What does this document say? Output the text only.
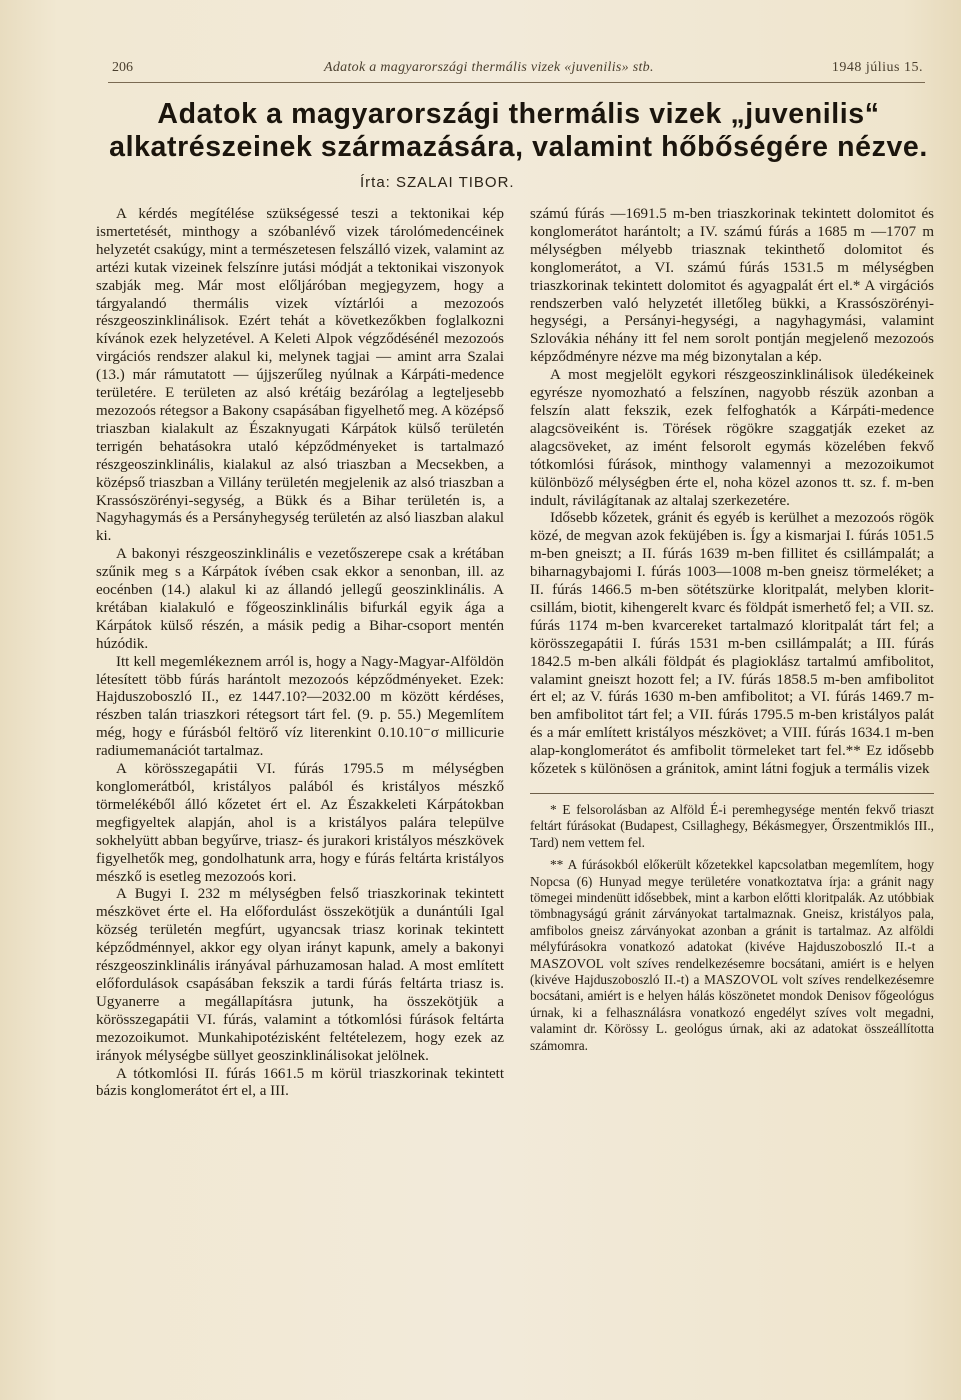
206	Adatok a magyarországi thermális vizek «juvenilis» stb.	1948 július 15.
Adatok a magyarországi thermális vizek „juvenilis“ alkatrészeinek származására, valamint hőbőségére nézve.
Írta: SZALAI TIBOR.

A kérdés megítélése szükségessé teszi a tektonikai kép ismertetését, minthogy a szóbanlévő vizek tárolómedencéinek helyzetét csakúgy, mint a természetesen felszálló vizek, valamint az artézi kutak vizeinek felszínre jutási módját a tektonikai viszonyok szabják meg. Már most előljáróban megjegyzem, hogy a tárgyalandó thermális vizek víztárlói a mezozoós részgeoszinklinálisok. Ezért tehát a következőkben foglalkozni kívánok ezek helyzetével. A Keleti Alpok végződésénél mezozoós virgációs rendszer alakul ki, melynek tagjai — amint arra Szalai (13.) már rámutatott — újjszerűleg nyúlnak a Kárpáti-medence területére. E területen az alsó krétáig bezárólag a legteljesebb mezozoós rétegsor a Bakony csapásában figyelhető meg. A középső triaszban kialakult az Északnyugati Kárpátok külső területén terrigén behatásokra utaló képződményeket is tartalmazó részgeoszinklinális, kialakul az alsó triaszban a Mecsekben, a középső triaszban a Villány területén megjelenik az alsó triaszban a Krassószörényi-segység, a Bükk és a Bihar területén is, a Nagyhagymás és a Persányhegység területén az alsó liaszban alakul ki.

A bakonyi részgeoszinklinális e vezetőszerepe csak a krétában szűnik meg s a Kárpátok ívében csak ekkor a senonban, ill. az eocénben (14.) alakul ki az állandó jellegű geoszinklinális. A krétában kialakuló e főgeoszinklinális bifurkál egyik ága a Kárpátok külső részén, a másik pedig a Bihar-csoport mentén húzódik.

Itt kell megemlékeznem arról is, hogy a Nagy-Magyar-Alföldön létesített több fúrás harántolt mezozoós képződményeket. Ezek: Hajduszoboszló II., ez 1447.10?—2032.00 m között kérdéses, részben talán triaszkori rétegsort tárt fel. (9. p. 55.) Megemlítem még, hogy e fúrásból feltörő víz literenkint 0.10.10⁻σ millicurie radiumemanációt tartalmaz.

A körösszegapátii VI. fúrás 1795.5 m mélységben konglomerátból, kristályos palából és kristályos mészkő törmelékéből álló kőzetet ért el. Az Északkeleti Kárpátokban megfigyeltek alapján, ahol is a kristályos palára települve sokhelyütt abban begyűrve, triasz- és jurakori kristályos mészkövek figyelhetők meg, gondolhatunk arra, hogy e fúrás feltárta kristályos mészkő is esetleg mezozoós kori.

A Bugyi I. 232 m mélységben felső triaszkorinak tekintett mészkövet érte el. Ha előfordulást összekötjük a dunántúli Igal község területén megfúrt, ugyancsak triasz korinak tekintett képződménnyel, akkor egy olyan irányt kapunk, amely a bakonyi részgeoszinklinális irányával párhuzamosan halad. A most említett előfordulások csapásában fekszik a tardi fúrás feltárta triasz is. Ugyanerre a megállapításra jutunk, ha összekötjük a körösszegapátii VI. fúrás, valamint a tótkomlósi fúrások feltárta mezozoikumot. Munkahipotézisként feltételezem, hogy ezek az irányok mélységbe süllyet geoszinklinálisokat jelölnek.

A tótkomlósi II. fúrás 1661.5 m körül triaszkorinak tekintett bázis konglomerátot ért el, a III.

számú fúrás —1691.5 m-ben triaszkorinak tekintett dolomitot és konglomerátot harántolt; a IV. számú fúrás a 1685 m —1707 m mélységben mélyebb triasznak tekinthető dolomitot és konglomerátot, a VI. számú fúrás 1531.5 m mélységben triaszkorinak tekintett dolomitot és agyagpalát ért el.* A virgációs rendszerben való helyzetét illetőleg bükki, a Krassószörényi-hegységi, a Persányi-hegységi, a nagyhagymási, valamint Szlovákia néhány itt fel nem sorolt pontján megjelenő mezozoós képződményre nézve ma még bizonytalan a kép.

A most megjelölt egykori részgeoszinklinálisok üledékeinek egyrésze nyomozható a felszínen, nagyobb részük azonban a felszín alatt fekszik, ezek felfoghatók a Kárpáti-medence alagcsöveiként is. Törések rögökre szaggatják ezeket az alagcsöveket, az imént felsorolt egymás közelében fekvő tótkomlósi fúrások, minthogy valamennyi a mezozoikumot különböző mélységben érte el, noha közel azonos tt. sz. f. m-ben indult, rávilágítanak az altalaj szerkezetére.

Idősebb kőzetek, gránit és egyéb is kerülhet a mezozoós rögök közé, de megvan azok feküjében is. Így a kismarjai I. fúrás 1051.5 m-ben gneiszt; a II. fúrás 1639 m-ben fillitet és csillámpalát; a biharnagybajomi I. fúrás 1003—1008 m-ben gneisz törmeléket; a II. fúrás 1466.5 m-ben sötétszürke kloritpalát, melyben klorit-csillám, biotit, kihengerelt kvarc és földpát ismerhető fel; a VII. sz. fúrás 1174 m-ben kvarcereket tartalmazó kloritpalát tárt fel; a körösszegapátii I. fúrás 1531 m-ben csillámpalát; a III. fúrás 1842.5 m-ben alkáli földpát és plagioklász tartalmú amfibolitot, valamint gneiszt hozott fel; a IV. fúrás 1858.5 m-ben amfibolitot ért el; az V. fúrás 1630 m-ben amfibolitot; a VI. fúrás 1469.7 m-ben amfibolitot tárt fel; a VII. fúrás 1795.5 m-ben kristályos palát és a már említett kristályos mészkövet; a VIII. fúrás 1634.1 m-ben alap-konglomerátot és amfibolit törmeleket tart fel.** Ez idősebb kőzetek s különösen a gránitok, amint látni fogjuk a termális vizek

* E felsorolásban az Alföld É-i peremhegysége mentén fekvő triaszt feltárt fúrásokat (Budapest, Csillaghegy, Békásmegyer, Őrszentmiklós III., Tard) nem vettem fel.

** A fúrásokból előkerült kőzetekkel kapcsolatban megemlítem, hogy Nopcsa (6) Hunyad megye területére vonatkoztatva írja: a gránit nagy tömegei mindenütt idősebbek, mint a karbon előtti kloritpalák. Az utóbbiak tömbnagyságú gránit zárványokat tartalmaznak. Gneisz, kristályos pala, amfibolos gneisz zárványokat azonban a gránit is tartalmaz. Az alföldi mélyfúrásokra vonatkozó adatokat (kivéve Hajduszoboszló II.-t a MASZOVOL volt szíves rendelkezésemre bocsátani, amiért is e helyen (kivéve Hajduszoboszló II.-t) a MASZOVOL volt szíves rendelkezésemre bocsátani, amiért is e helyen hálás köszönetet mondok Denisov főgeológus úrnak, ki a felhasználásra vonatkozó engedélyt szíves volt megadni, valamint dr. Körössy L. geológus úrnak, aki az adatokat összeállította számomra.
